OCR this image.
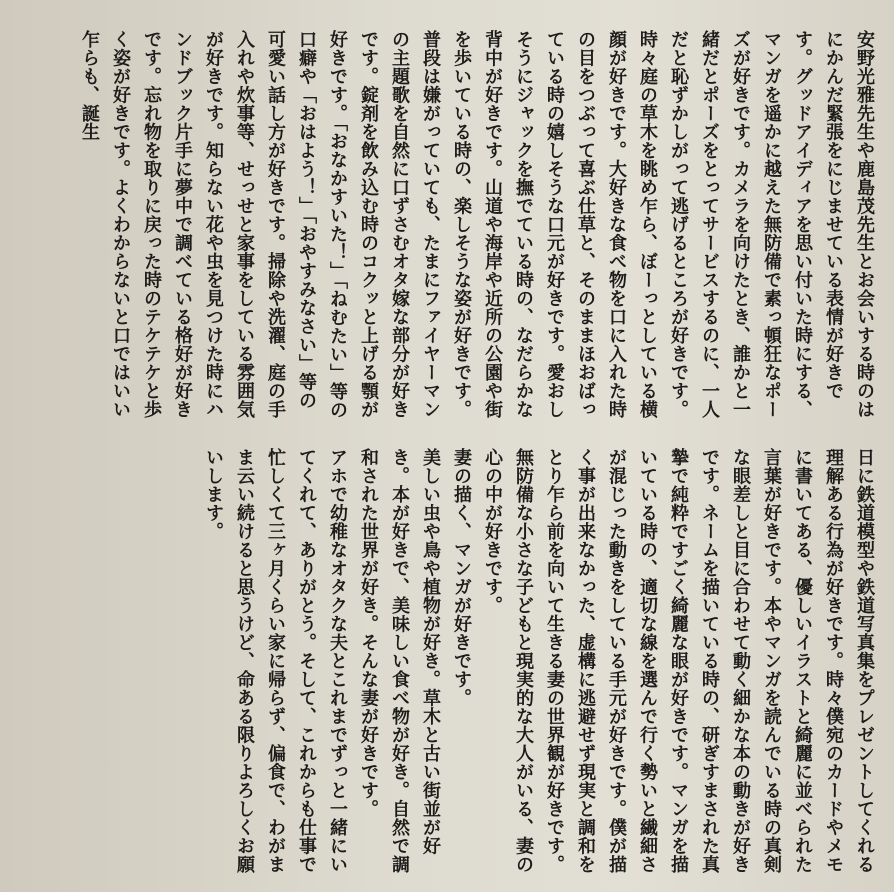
安野光雅先生や鹿島茂先生とお会いする時のはにかんだ緊張をにじませている表情が好きです。グッドアイディアを思い付いた時にする、マンガを遥かに越えた無防備で素っ頓狂なポーズが好きです。カメラを向けたとき、誰かと一緒だとポーズをとってサービスするのに、一人だと恥ずかしがって逃げるところが好きです。時々庭の草木を眺め乍ら、ぼーっとしている横顔が好きです。大好きな食べ物を口に入れた時の目をつぶって喜ぶ仕草と、そのままほおばっている時の嬉しそうな口元が好きです。愛おしそうにジャックを撫でている時の、なだらかな背中が好きです。山道や海岸や近所の公園や街を歩いている時の、楽しそうな姿が好きです。普段は嫌がっていても、たまにファイヤーマンの主題歌を自然に口ずさむオタ嫁な部分が好きです。錠剤を飲み込む時のコクッと上げる顎が好きです。「おなかすいた！」「ねむたい」等の口癖や「おはよう！」「おやすみなさい」等の可愛い話し方が好きです。掃除や洗濯、庭の手入れや炊事等、せっせと家事をしている雰囲気が好きです。知らない花や虫を見つけた時にハンドブック片手に夢中で調べている格好が好きです。忘れ物を取りに戻った時のテケテケと歩く姿が好きです。よくわからないと口ではいい乍らも、誕生

日に鉄道模型や鉄道写真集をプレゼントしてくれる理解ある行為が好きです。時々僕宛のカードやメモに書いてある、優しいイラストと綺麗に並べられた言葉が好きです。本やマンガを読んでいる時の真剣な眼差しと目に合わせて動く細かな本の動きが好きです。ネームを描いている時の、研ぎすまされた真摯で純粋ですごく綺麗な眼が好きです。マンガを描いている時の、適切な線を選んで行く勢いと繊細さが混じった動きをしている手元が好きです。僕が描く事が出来なかった、虚構に逃避せず現実と調和をとり乍ら前を向いて生きる妻の世界観が好きです。無防備な小さな子どもと現実的な大人がいる、妻の心の中が好きです。

妻の描く、マンガが好きです。

美しい虫や鳥や植物が好き。草木と古い街並が好き。本が好きで、美味しい食べ物が好き。自然で調和された世界が好き。そんな妻が好きです。

アホで幼稚なオタクな夫とこれまでずっと一緒にいてくれて、ありがとう。そして、これからも仕事で忙しくて三ヶ月くらい家に帰らず、偏食で、わがまま云い続けると思うけど、命ある限りよろしくお願いします。
